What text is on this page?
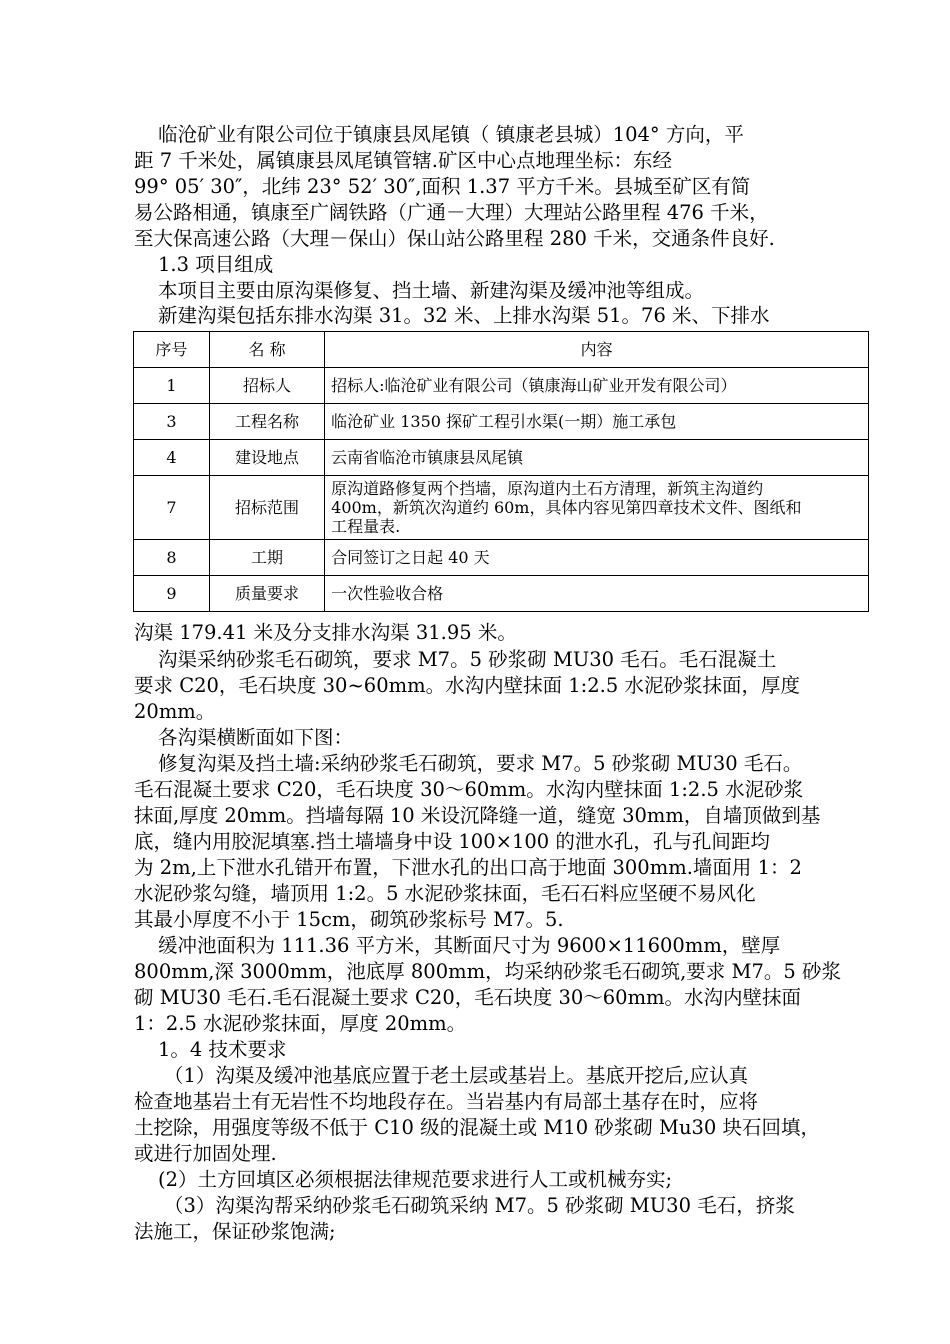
临沧矿业有限公司位于镇康县凤尾镇（ 镇康老县城）104° 方向，平
距 7 千米处，属镇康县凤尾镇管辖.矿区中心点地理坐标：东经
99° 05′ 30″，北纬 23° 52′ 30″,面积 1.37 平方千米。县城至矿区有简
易公路相通，镇康至广阔铁路（广通－大理）大理站公路里程 476 千米，
至大保高速公路（大理－保山）保山站公路里程 280 千米，交通条件良好.
1.3 项目组成
本项目主要由原沟渠修复、挡土墙、新建沟渠及缓冲池等组成。
新建沟渠包括东排水沟渠 31。32 米、上排水沟渠 51。76 米、下排水
序号	名 称	内容
1	招标人	招标人:临沧矿业有限公司（镇康海山矿业开发有限公司）
3	工程名称	临沧矿业 1350 探矿工程引水渠(一期）施工承包
4	建设地点	云南省临沧市镇康县凤尾镇
7	招标范围	原沟道路修复两个挡墙，原沟道内土石方清理，新筑主沟道约
400m，新筑次沟道约 60m，具体内容见第四章技术文件、图纸和
工程量表.

8	工期	合同签订之日起 40 天
9	质量要求	一次性验收合格
沟渠 179.41 米及分支排水沟渠 31.95 米。
沟渠采纳砂浆毛石砌筑，要求 M7。5 砂浆砌 MU30 毛石。毛石混凝土
要求 C20，毛石块度 30~60mm。水沟内壁抹面 1:2.5 水泥砂浆抹面，厚度
20mm。
各沟渠横断面如下图：
修复沟渠及挡土墙:采纳砂浆毛石砌筑，要求 M7。5 砂浆砌 MU30 毛石。
毛石混凝土要求 C20，毛石块度 30～60mm。水沟内壁抹面 1:2.5 水泥砂浆
抹面,厚度 20mm。挡墙每隔 10 米设沉降缝一道，缝宽 30mm，自墙顶做到基
底，缝内用胶泥填塞.挡土墙墙身中设 100×100 的泄水孔，孔与孔间距均
为 2m,上下泄水孔错开布置，下泄水孔的出口高于地面 300mm.墙面用 1：2
水泥砂浆勾缝，墙顶用 1:2。5 水泥砂浆抹面，毛石石料应坚硬不易风化
其最小厚度不小于 15cm，砌筑砂浆标号 M7。5.
缓冲池面积为 111.36 平方米，其断面尺寸为 9600×11600mm，壁厚
800mm,深 3000mm，池底厚 800mm，均采纳砂浆毛石砌筑,要求 M7。5 砂浆
砌 MU30 毛石.毛石混凝土要求 C20，毛石块度 30～60mm。水沟内壁抹面
1：2.5 水泥砂浆抹面，厚度 20mm。
1。4 技术要求
（1）沟渠及缓冲池基底应置于老土层或基岩上。基底开挖后,应认真
检查地基岩土有无岩性不均地段存在。当岩基内有局部土基存在时，应将
土挖除，用强度等级不低于 C10 级的混凝土或 M10 砂浆砌 Mu30 块石回填，
或进行加固处理.
(2）土方回填区必须根据法律规范要求进行人工或机械夯实;
（3）沟渠沟帮采纳砂浆毛石砌筑采纳 M7。5 砂浆砌 MU30 毛石，挤浆
法施工，保证砂浆饱满;
